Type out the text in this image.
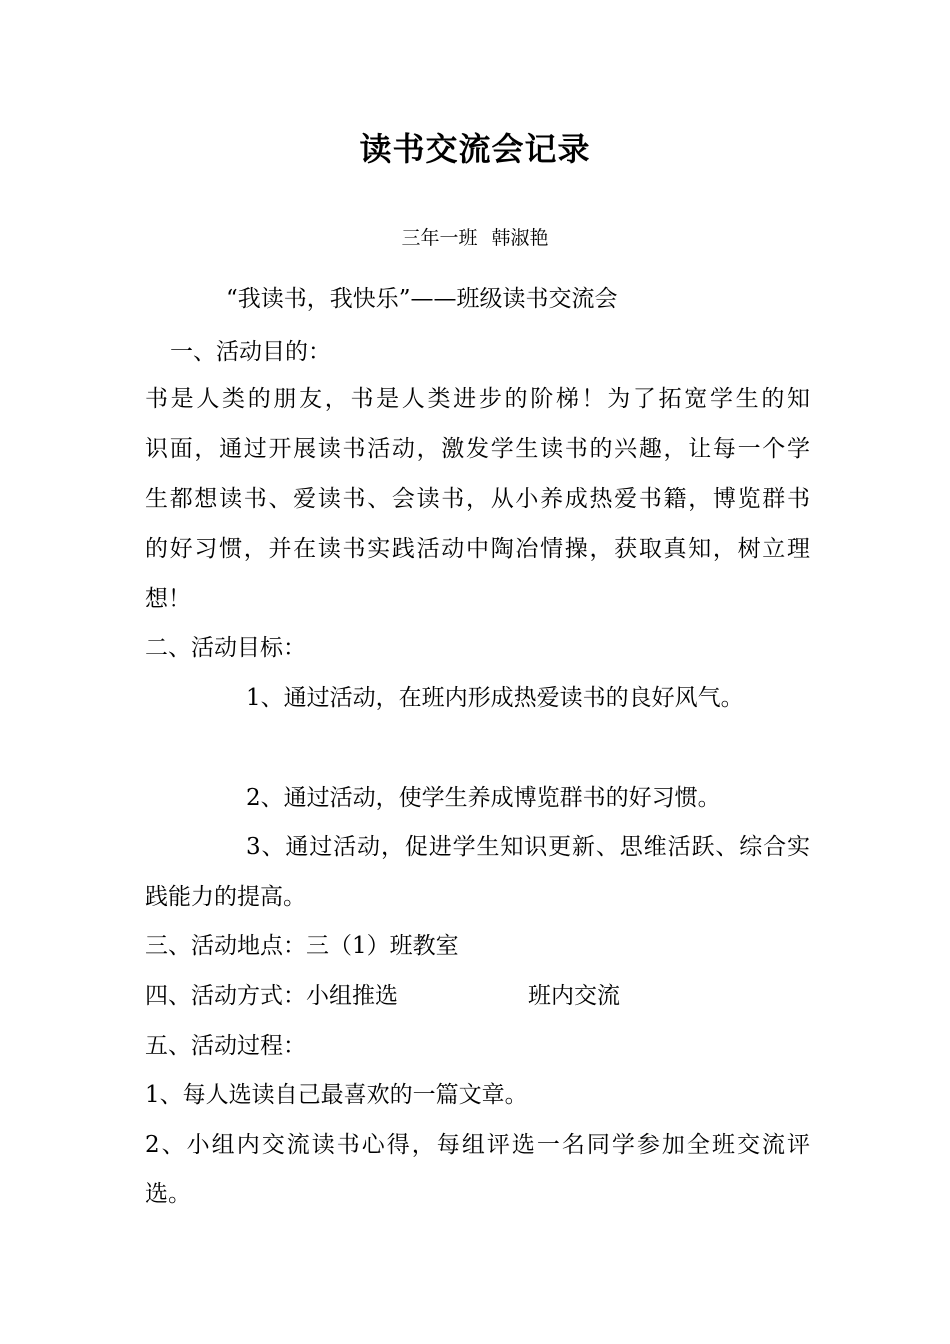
读书交流会记录
三年一班 韩淑艳
“我读书，我快乐”——班级读书交流会
一、活动目的：
书是人类的朋友，书是人类进步的阶梯！为了拓宽学生的知
识面，通过开展读书活动，激发学生读书的兴趣，让每一个学
生都想读书、爱读书、会读书，从小养成热爱书籍，博览群书
的好习惯，并在读书实践活动中陶冶情操，获取真知，树立理
想！
二、活动目标：
1、通过活动，在班内形成热爱读书的良好风气。
2、通过活动，使学生养成博览群书的好习惯。
3、通过活动，促进学生知识更新、思维活跃、综合实
践能力的提高。
三、活动地点：三（1）班教室
四、活动方式：小组推选	班内交流
五、活动过程：
1、每人选读自己最喜欢的一篇文章。
2、小组内交流读书心得，每组评选一名同学参加全班交流评
选。
